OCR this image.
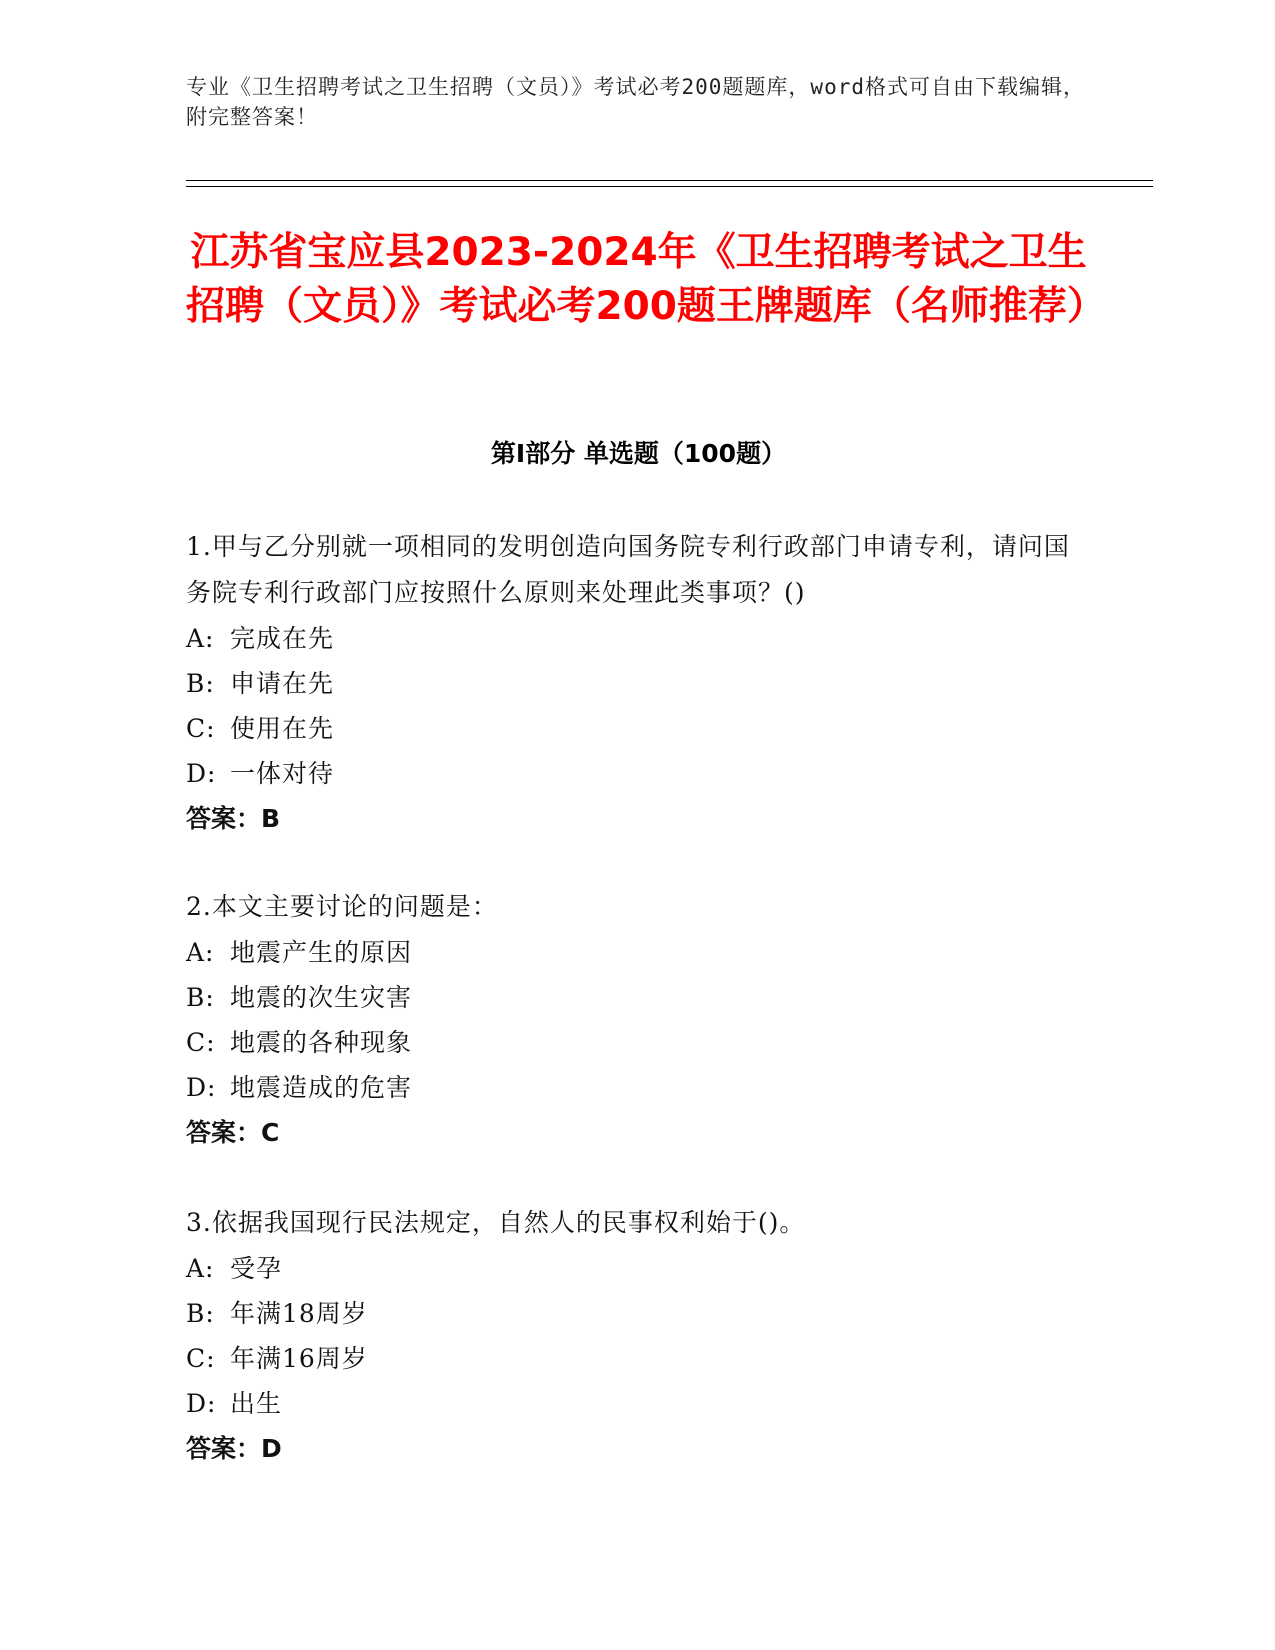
专业《卫生招聘考试之卫生招聘（文员）》考试必考200题题库，word格式可自由下载编辑，附完整答案！
江苏省宝应县2023-2024年《卫生招聘考试之卫生招聘（文员）》考试必考200题王牌题库（名师推荐）
第Ⅰ部分 单选题（100题）
1.甲与乙分别就一项相同的发明创造向国务院专利行政部门申请专利，请问国务院专利行政部门应按照什么原则来处理此类事项？()
A: 完成在先
B: 申请在先
C: 使用在先
D: 一体对待
答案：B
2.本文主要讨论的问题是：
A: 地震产生的原因
B: 地震的次生灾害
C: 地震的各种现象
D: 地震造成的危害
答案：C
3.依据我国现行民法规定，自然人的民事权利始于()。
A: 受孕
B: 年满18周岁
C: 年满16周岁
D: 出生
答案：D
